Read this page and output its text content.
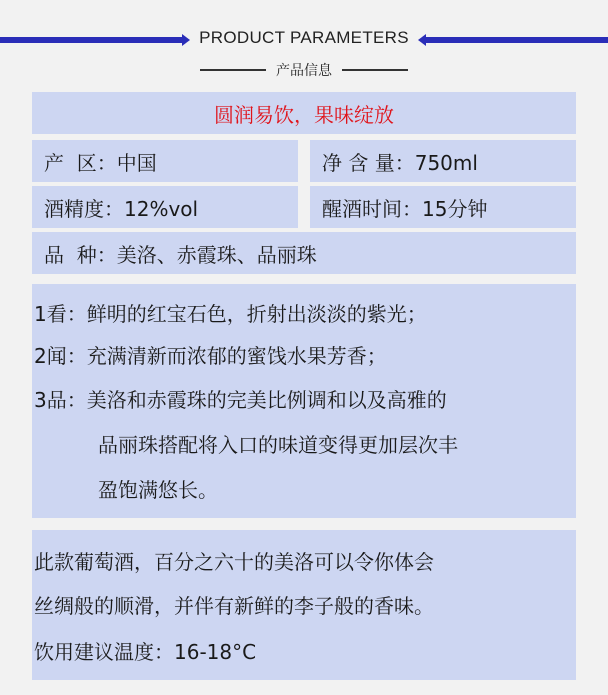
PRODUCT PARAMETERS
产品信息
圆润易饮，果味绽放
产  区：中国	净 含 量：750ml
酒精度：12%vol	醒酒时间：15分钟
品  种：美洛、赤霞珠、品丽珠
1看：鲜明的红宝石色，折射出淡淡的紫光；
2闻：充满清新而浓郁的蜜饯水果芳香；
3品：美洛和赤霞珠的完美比例调和以及高雅的
品丽珠搭配将入口的味道变得更加层次丰
盈饱满悠长。
此款葡萄酒，百分之六十的美洛可以令你体会
丝绸般的顺滑，并伴有新鲜的李子般的香味。
饮用建议温度：16-18°C
